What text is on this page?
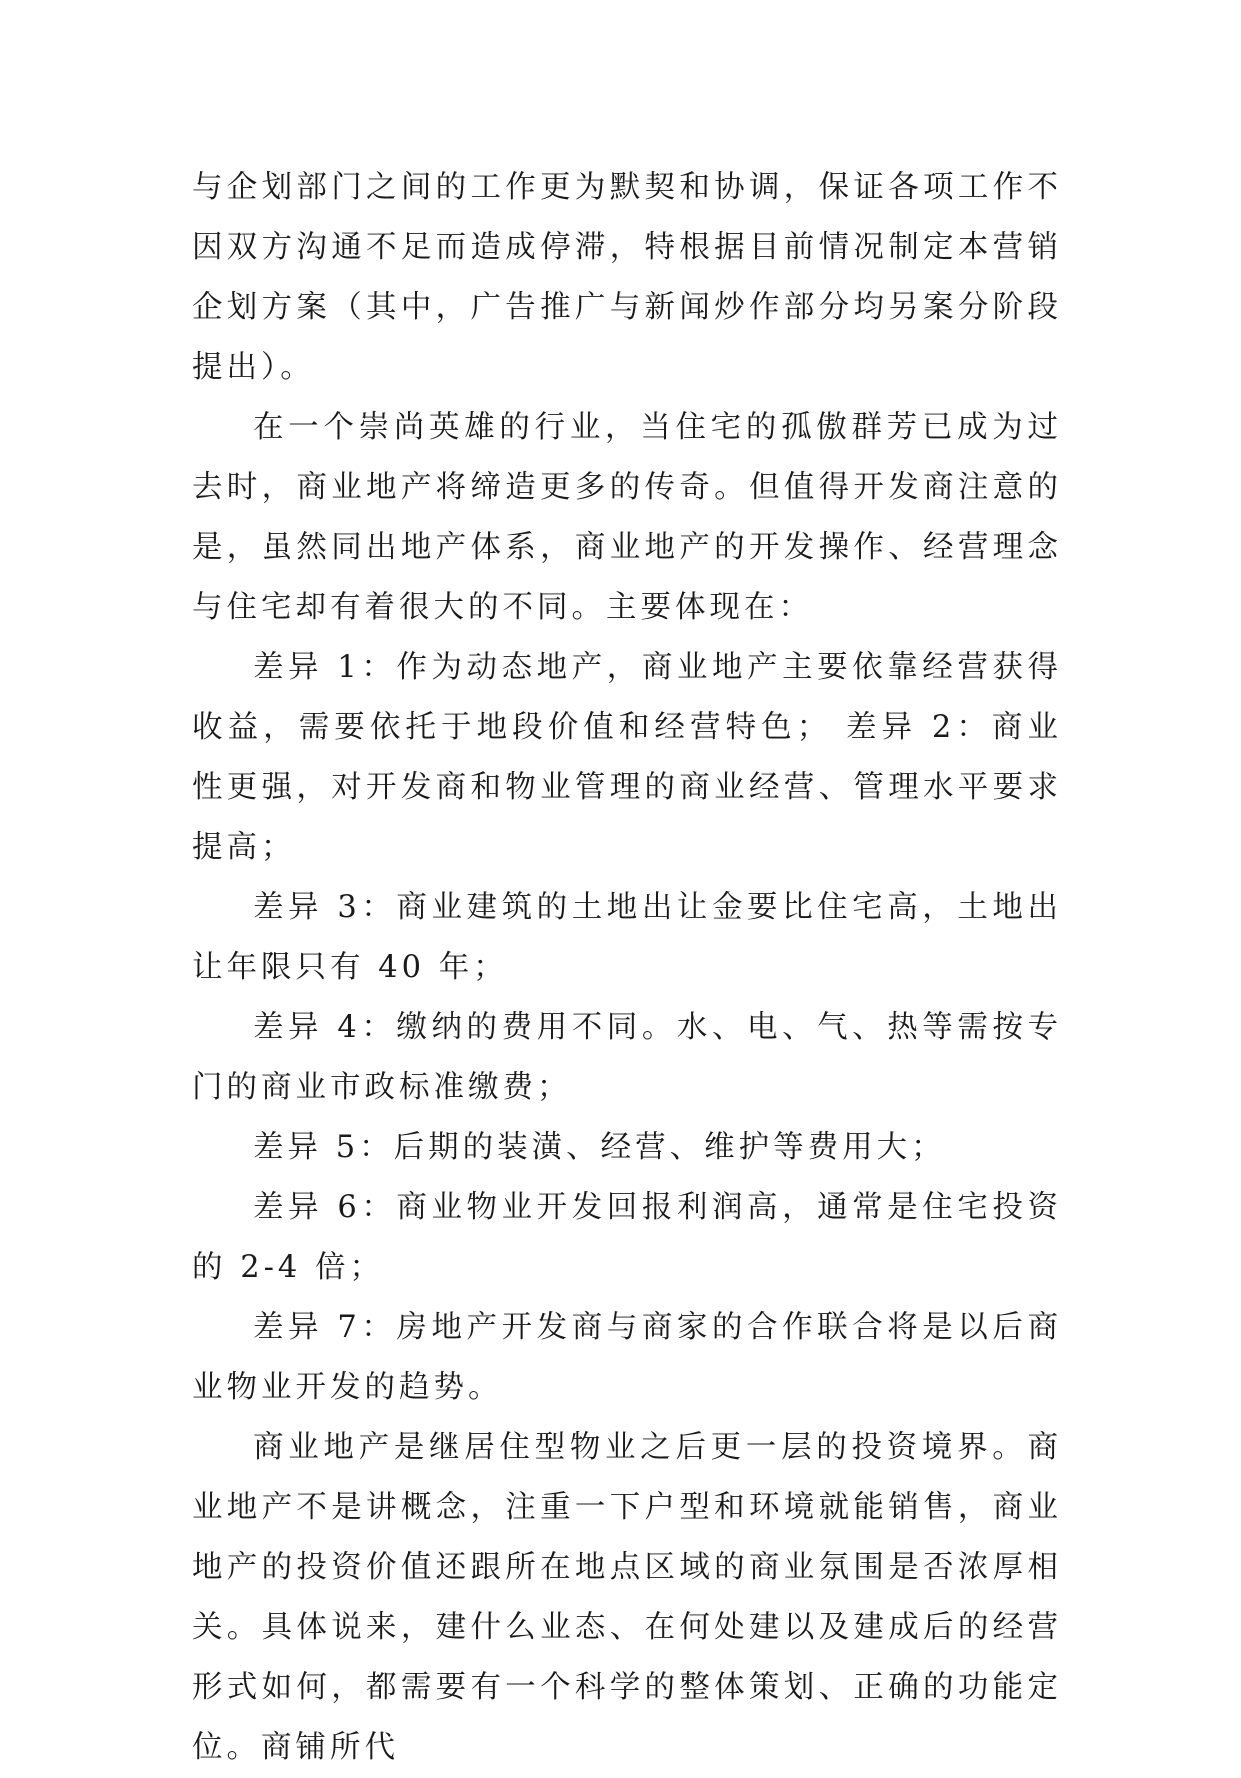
与企划部门之间的工作更为默契和协调，保证各项工作不因双方沟通不足而造成停滞，特根据目前情况制定本营销企划方案（其中，广告推广与新闻炒作部分均另案分阶段提出）。

在一个崇尚英雄的行业，当住宅的孤傲群芳已成为过去时，商业地产将缔造更多的传奇。但值得开发商注意的是，虽然同出地产体系，商业地产的开发操作、经营理念与住宅却有着很大的不同。主要体现在：

差异 1：作为动态地产，商业地产主要依靠经营获得收益，需要依托于地段价值和经营特色； 差异 2：商业性更强，对开发商和物业管理的商业经营、管理水平要求提高；

差异 3：商业建筑的土地出让金要比住宅高，土地出让年限只有 40 年；

差异 4：缴纳的费用不同。水、电、气、热等需按专门的商业市政标准缴费；

差异 5：后期的装潢、经营、维护等费用大；

差异 6：商业物业开发回报利润高，通常是住宅投资的 2-4 倍；

差异 7：房地产开发商与商家的合作联合将是以后商业物业开发的趋势。

商业地产是继居住型物业之后更一层的投资境界。商业地产不是讲概念，注重一下户型和环境就能销售，商业地产的投资价值还跟所在地点区域的商业氛围是否浓厚相关。具体说来，建什么业态、在何处建以及建成后的经营形式如何，都需要有一个科学的整体策划、正确的功能定位。商铺所代
